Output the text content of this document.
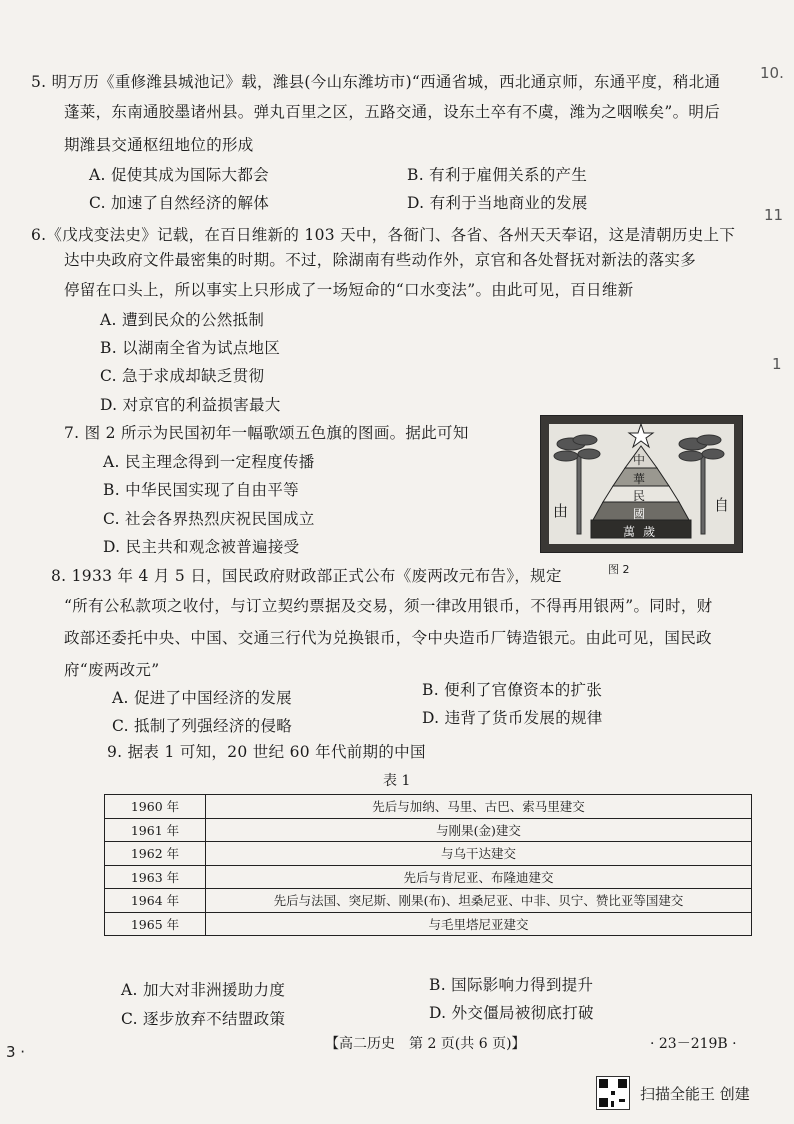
10.
11
1
3 ·
5. 明万历《重修潍县城池记》载，潍县(今山东潍坊市)“西通省城，西北通京师，东通平度，稍北通
蓬莱，东南通胶墨诸州县。弹丸百里之区，五路交通，设东土卒有不虞，潍为之咽喉矣”。明后
期潍县交通枢纽地位的形成
A. 促使其成为国际大都会	B. 有利于雇佣关系的产生
C. 加速了自然经济的解体	D. 有利于当地商业的发展
6.《戊戌变法史》记载，在百日维新的 103 天中，各衙门、各省、各州天天奉诏，这是清朝历史上下
达中央政府文件最密集的时期。不过，除湖南有些动作外，京官和各处督抚对新法的落实多
停留在口头上，所以事实上只形成了一场短命的“口水变法”。由此可见，百日维新
A. 遭到民众的公然抵制
B. 以湖南全省为试点地区
C. 急于求成却缺乏贯彻
D. 对京官的利益损害最大
7. 图 2 所示为民国初年一幅歌颂五色旗的图画。据此可知
A. 民主理念得到一定程度传播
B. 中华民国实现了自由平等
C. 社会各界热烈庆祝民国成立
D. 民主共和观念被普遍接受
中
華
民
國
萬歲
由	自
图 2
8. 1933 年 4 月 5 日，国民政府财政部正式公布《废两改元布告》，规定
“所有公私款项之收付，与订立契约票据及交易，须一律改用银币，不得再用银两”。同时，财
政部还委托中央、中国、交通三行代为兑换银币，令中央造币厂铸造银元。由此可见，国民政
府“废两改元”
A. 促进了中国经济的发展	B. 便利了官僚资本的扩张
C. 抵制了列强经济的侵略	D. 违背了货币发展的规律
9. 据表 1 可知，20 世纪 60 年代前期的中国
表 1
1960 年	先后与加纳、马里、古巴、索马里建交
1961 年	与刚果(金)建交
1962 年	与乌干达建交
1963 年	先后与肯尼亚、布隆迪建交
1964 年	先后与法国、突尼斯、刚果(布)、坦桑尼亚、中非、贝宁、赞比亚等国建交
1965 年	与毛里塔尼亚建交
A. 加大对非洲援助力度	B. 国际影响力得到提升
C. 逐步放弃不结盟政策	D. 外交僵局被彻底打破
【高二历史　第 2 页(共 6 页)】	· 23－219B ·
扫描全能王 创建
